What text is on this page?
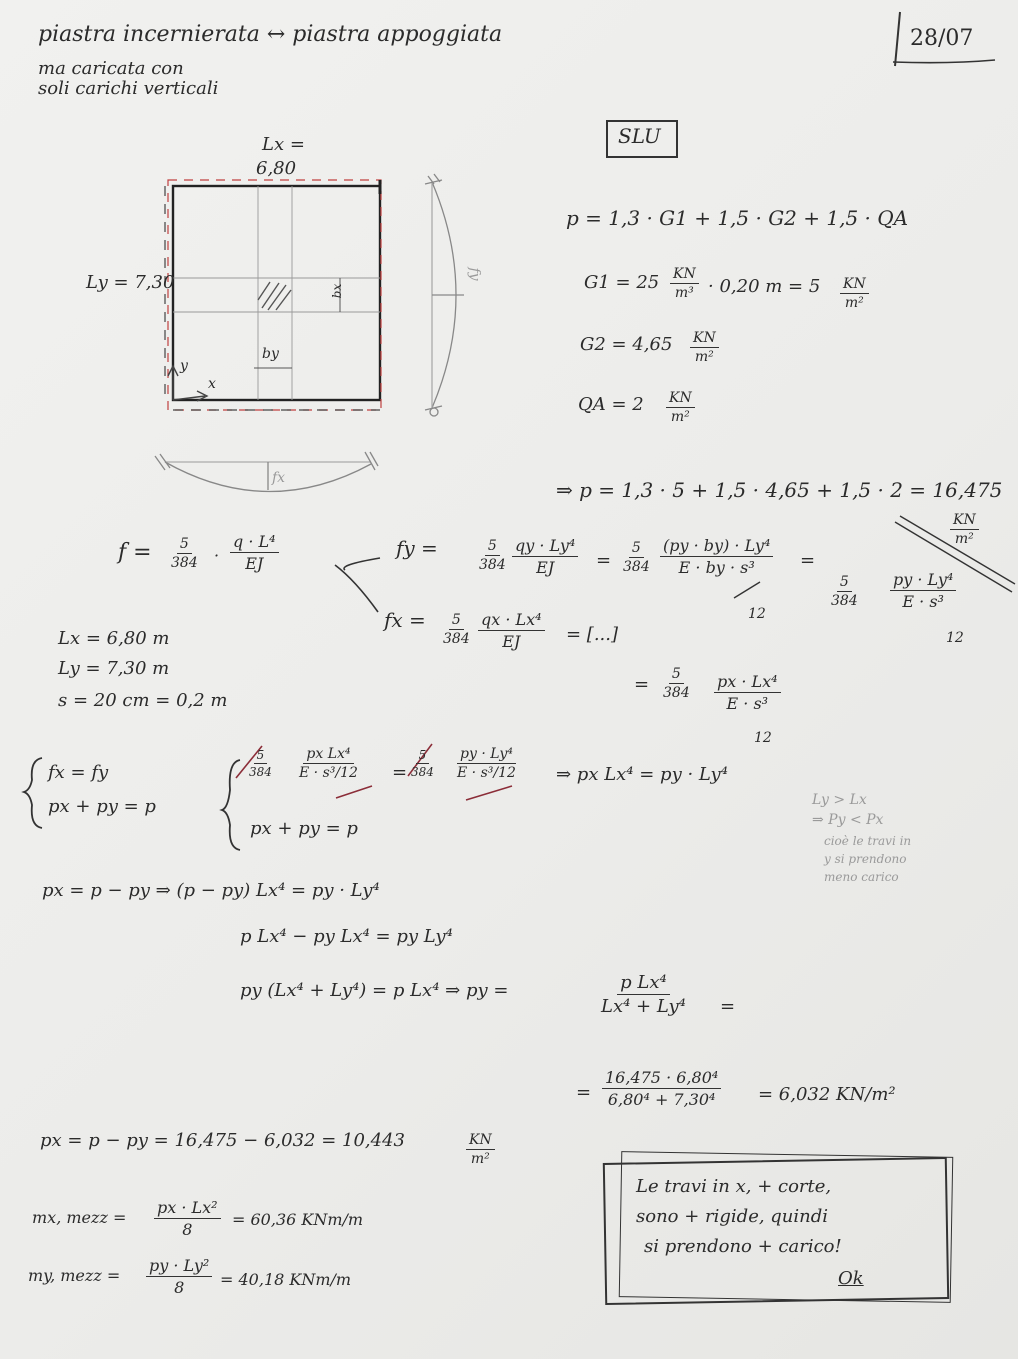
piastra incernierata ↔ piastra appoggiata
ma caricata con
soli carichi verticali
28/07
SLU
Lx =
6,80
Ly = 7,30	bx
by
y
x
fy
fx
p = 1,3 · G1 + 1,5 · G2 + 1,5 · QA
$G1 = 25 \frac{KN}{\text{m³}} \cdot 0,20$ $m = 5 \frac{KN}{\text{m²}}$
$G2 = 4,65 \frac{KN}{\text{m²}}$
QA = $2 \frac{KN}{\text{m²}}$
⇒ p = 1,3 · 5 + 1,5 · 4,65 + 1,5 · 2 = 16,475
$\frac{KN}{\text{m²}}$
$f = \frac{5}{384} \cdot \frac{\text{q · L⁴}}{EJ}$	fy =	$\frac{5}{384} \frac{\text{qy · Ly⁴}}{EJ} = \frac{5}{384} \frac{\text{(py · by) · Ly⁴}}{\text{E · by · s³}}$
12
=
$\frac{5}{384} \frac{\text{py · Ly⁴}}{\text{E · s³}}$
12
fx = $\frac{5}{384} \frac{\text{qx · Lx⁴}}{EJ}$ = [...]
= $\frac{5}{384} \frac{\text{px · Lx⁴}}{\text{E · s³}}$
12
Lx = 6,80 m
Ly = 7,30 m
s = 20 cm = 0,2 m
fx = fy
px + py = p
$\frac{5}{384} \frac{\text{px Lx⁴}}{\text{E · s³/12}} = \frac{5}{384} \frac{\text{py · Ly⁴}}{\text{E · s³/12}}$
px + py = p
⇒ px Lx⁴ = py · Ly⁴
Ly > Lx
⇒ Py < Px
cioè le travi in
y si prendono
meno carico
px = p − py ⇒ (p − py) Lx⁴ = py · Ly⁴
p Lx⁴ − py Lx⁴ = py Ly⁴
py (Lx⁴ + Ly⁴) = p Lx⁴ ⇒ py =	$\frac{\text{p Lx⁴}}{\text{Lx⁴ + Ly⁴}}$ =
= $\frac{\text{16,475 · 6,80⁴}}{\text{6,80⁴ + 7,30⁴}} = 6,032$ KN/m²
px = p − py = 16,475 − 6,032 = 10,443	$\frac{KN}{\text{m²}}$
mx, mezz = $\frac{\text{px · Lx²}}{8} = 60,36$ KNm/m
my, mezz = $\frac{\text{py · Ly²}}{8} = 40,18$ KNm/m
Le travi in x, + corte,
sono + rigide, quindi
si prendono + carico!
Ok
